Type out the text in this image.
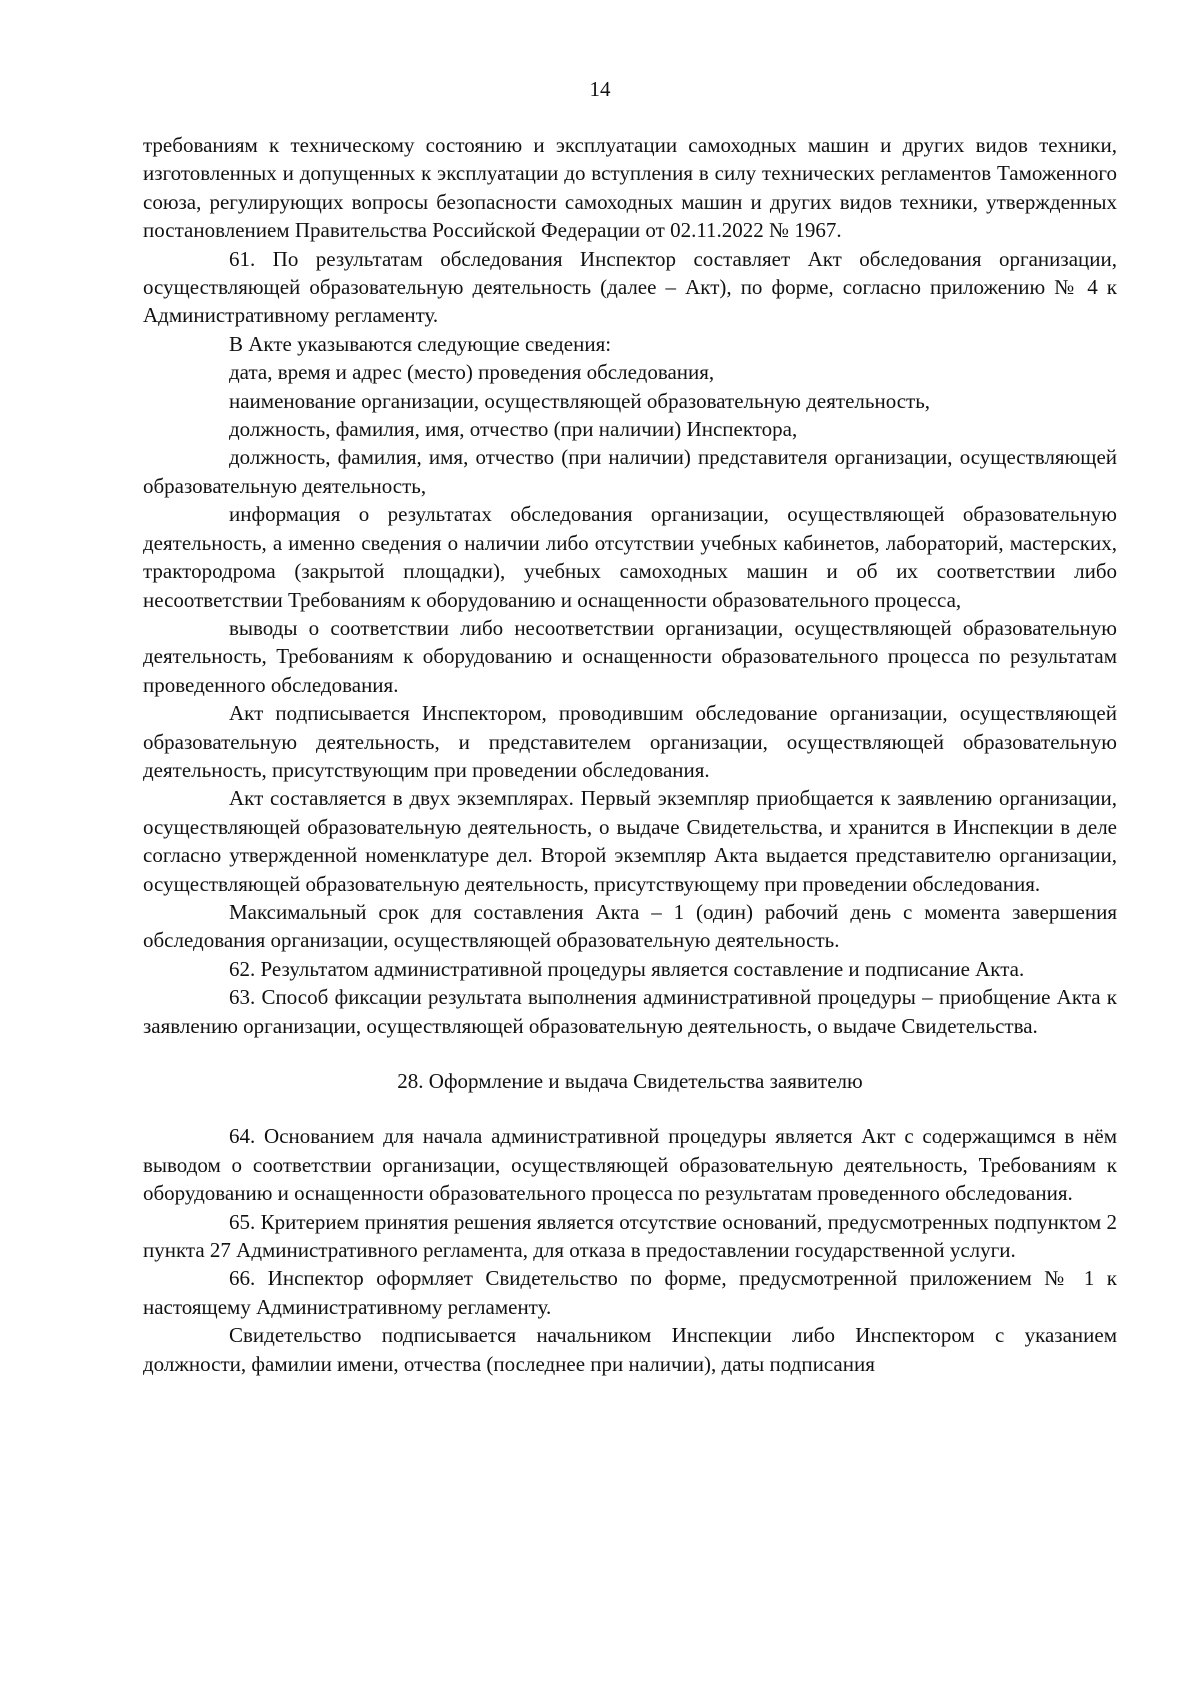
14

требованиям к техническому состоянию и эксплуатации самоходных машин и других видов техники, изготовленных и допущенных к эксплуатации до вступления в силу технических регламентов Таможенного союза, регулирующих вопросы безопасности самоходных машин и других видов техники, утвержденных постановлением Правительства Российской Федерации от 02.11.2022 № 1967.

61. По результатам обследования Инспектор составляет Акт обследования организации, осуществляющей образовательную деятельность (далее – Акт), по форме, согласно приложению № 4 к Административному регламенту.

В Акте указываются следующие сведения:

дата, время и адрес (место) проведения обследования,

наименование организации, осуществляющей образовательную деятельность,

должность, фамилия, имя, отчество (при наличии) Инспектора,

должность, фамилия, имя, отчество (при наличии) представителя организации, осуществляющей образовательную деятельность,

информация о результатах обследования организации, осуществляющей образовательную деятельность, а именно сведения о наличии либо отсутствии учебных кабинетов, лабораторий, мастерских, трактородрома (закрытой площадки), учебных самоходных машин и об их соответствии либо несоответствии Требованиям к оборудованию и оснащенности образовательного процесса,

выводы о соответствии либо несоответствии организации, осуществляющей образовательную деятельность, Требованиям к оборудованию и оснащенности образовательного процесса по результатам проведенного обследования.

Акт подписывается Инспектором, проводившим обследование организации, осуществляющей образовательную деятельность, и представителем организации, осуществляющей образовательную деятельность, присутствующим при проведении обследования.

Акт составляется в двух экземплярах. Первый экземпляр приобщается к заявлению организации, осуществляющей образовательную деятельность, о выдаче Свидетельства, и хранится в Инспекции в деле согласно утвержденной номенклатуре дел. Второй экземпляр Акта выдается представителю организации, осуществляющей образовательную деятельность, присутствующему при проведении обследования.

Максимальный срок для составления Акта – 1 (один) рабочий день с момента завершения обследования организации, осуществляющей образовательную деятельность.

62. Результатом административной процедуры является составление и подписание Акта.

63. Способ фиксации результата выполнения административной процедуры – приобщение Акта к заявлению организации, осуществляющей образовательную деятельность, о выдаче Свидетельства.

28. Оформление и выдача Свидетельства заявителю

64. Основанием для начала административной процедуры является Акт с содержащимся в нём выводом о соответствии организации, осуществляющей образовательную деятельность, Требованиям к оборудованию и оснащенности образовательного процесса по результатам проведенного обследования.

65. Критерием принятия решения является отсутствие оснований, предусмотренных подпунктом 2 пункта 27 Административного регламента, для отказа в предоставлении государственной услуги.

66. Инспектор оформляет Свидетельство по форме, предусмотренной приложением № 1 к настоящему Административному регламенту.

Свидетельство подписывается начальником Инспекции либо Инспектором с указанием должности, фамилии имени, отчества (последнее при наличии), даты подписания
